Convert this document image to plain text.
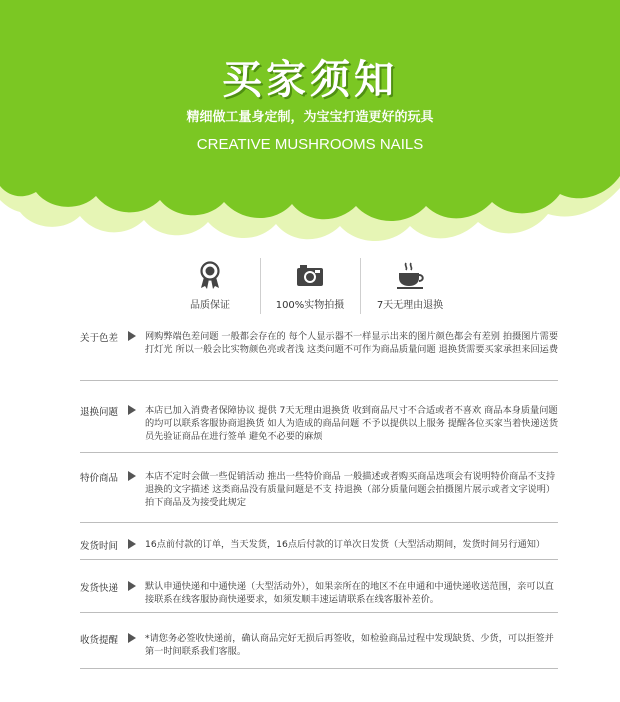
买家须知
精细做工量身定制，为宝宝打造更好的玩具
CREATIVE MUSHROOMS NAILS
品质保证	100%实物拍摄	7天无理由退换
关于色差	网购弊端色差问题 一般都会存在的 每个人显示器不一样显示出来的图片颜色都会有差别 拍摄图片需要打灯光 所以一般会比实物颜色亮或者浅 这类问题不可作为商品质量问题 退换货需要买家承担来回运费
退换问题	本店已加入消费者保障协议 提供 7天无理由退换货 收到商品尺寸不合适或者不喜欢 商品本身质量问题的均可以联系客服协商退换货 如人为造成的商品问题 不予以提供以上服务 提醒各位买家当着快递送货员先验证商品在进行签单 避免不必要的麻烦
特价商品	本店不定时会做一些促销活动 推出一些特价商品 一般描述或者购买商品选项会有说明特价商品不支持退换的文字描述 这类商品没有质量问题是不支 持退换（部分质量问题会拍摄图片展示或者文字说明）拍下商品及为接受此规定
发货时间	16点前付款的订单，当天发货，16点后付款的订单次日发货（大型活动期间，发货时间另行通知）
发货快递	默认申通快递和中通快递（大型活动外），如果亲所在的地区不在申通和中通快递收送范围，亲可以直接联系在线客服协商快递要求，如须发顺丰速运请联系在线客服补差价。
收货提醒	*请您务必签收快递前，确认商品完好无损后再签收，如检验商品过程中发现缺货、少货，可以拒签并第一时间联系我们客服。
